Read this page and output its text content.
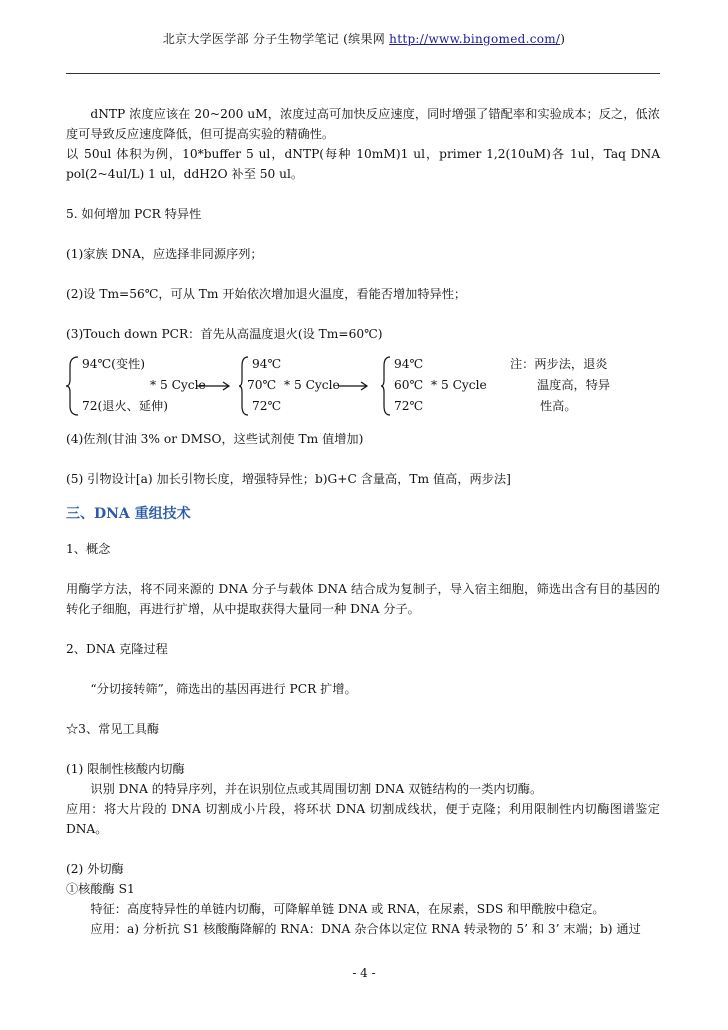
北京大学医学部 分子生物学笔记 (缤果网 http://www.bingomed.com/)

dNTP 浓度应该在 20~200 uM，浓度过高可加快反应速度，同时增强了错配率和实验成本；反之，低浓度可导致反应速度降低，但可提高实验的精确性。

以 50ul 体积为例，10*buffer 5 ul，dNTP(每种 10mM)1 ul，primer 1,2(10uM)各 1ul，Taq DNA pol(2~4ul/L) 1 ul，ddH2O 补至 50 ul。

5. 如何增加 PCR 特异性

(1)家族 DNA，应选择非同源序列；

(2)设 Tm=56℃，可从 Tm 开始依次增加退火温度，看能否增加特异性；

(3)Touch down PCR：首先从高温度退火(设 Tm=60℃)

94℃(变性)
* 5 Cycle
72(退火、延伸)
94℃
70℃ * 5 Cycle
72℃
94℃
60℃ * 5 Cycle
72℃
注：两步法，退炎
温度高，特异
性高。

(4)佐剂(甘油 3% or DMSO，这些试剂使 Tm 值增加)

(5) 引物设计[a) 加长引物长度，增强特异性；b)G+C 含量高，Tm 值高，两步法]

三、DNA 重组技术

1、概念

用酶学方法，将不同来源的 DNA 分子与载体 DNA 结合成为复制子，导入宿主细胞，筛选出含有目的基因的转化子细胞，再进行扩增，从中提取获得大量同一种 DNA 分子。

2、DNA 克隆过程

“分切接转筛”，筛选出的基因再进行 PCR 扩增。

☆3、常见工具酶

(1) 限制性核酸内切酶

识别 DNA 的特异序列，并在识别位点或其周围切割 DNA 双链结构的一类内切酶。

应用：将大片段的 DNA 切割成小片段，将环状 DNA 切割成线状，便于克隆；利用限制性内切酶图谱鉴定 DNA。

(2) 外切酶

①核酸酶 S1

特征：高度特异性的单链内切酶，可降解单链 DNA 或 RNA，在尿素，SDS 和甲酰胺中稳定。

应用：a) 分析抗 S1 核酸酶降解的 RNA：DNA 杂合体以定位 RNA 转录物的 5’ 和 3’ 末端；b) 通过

- 4 -
